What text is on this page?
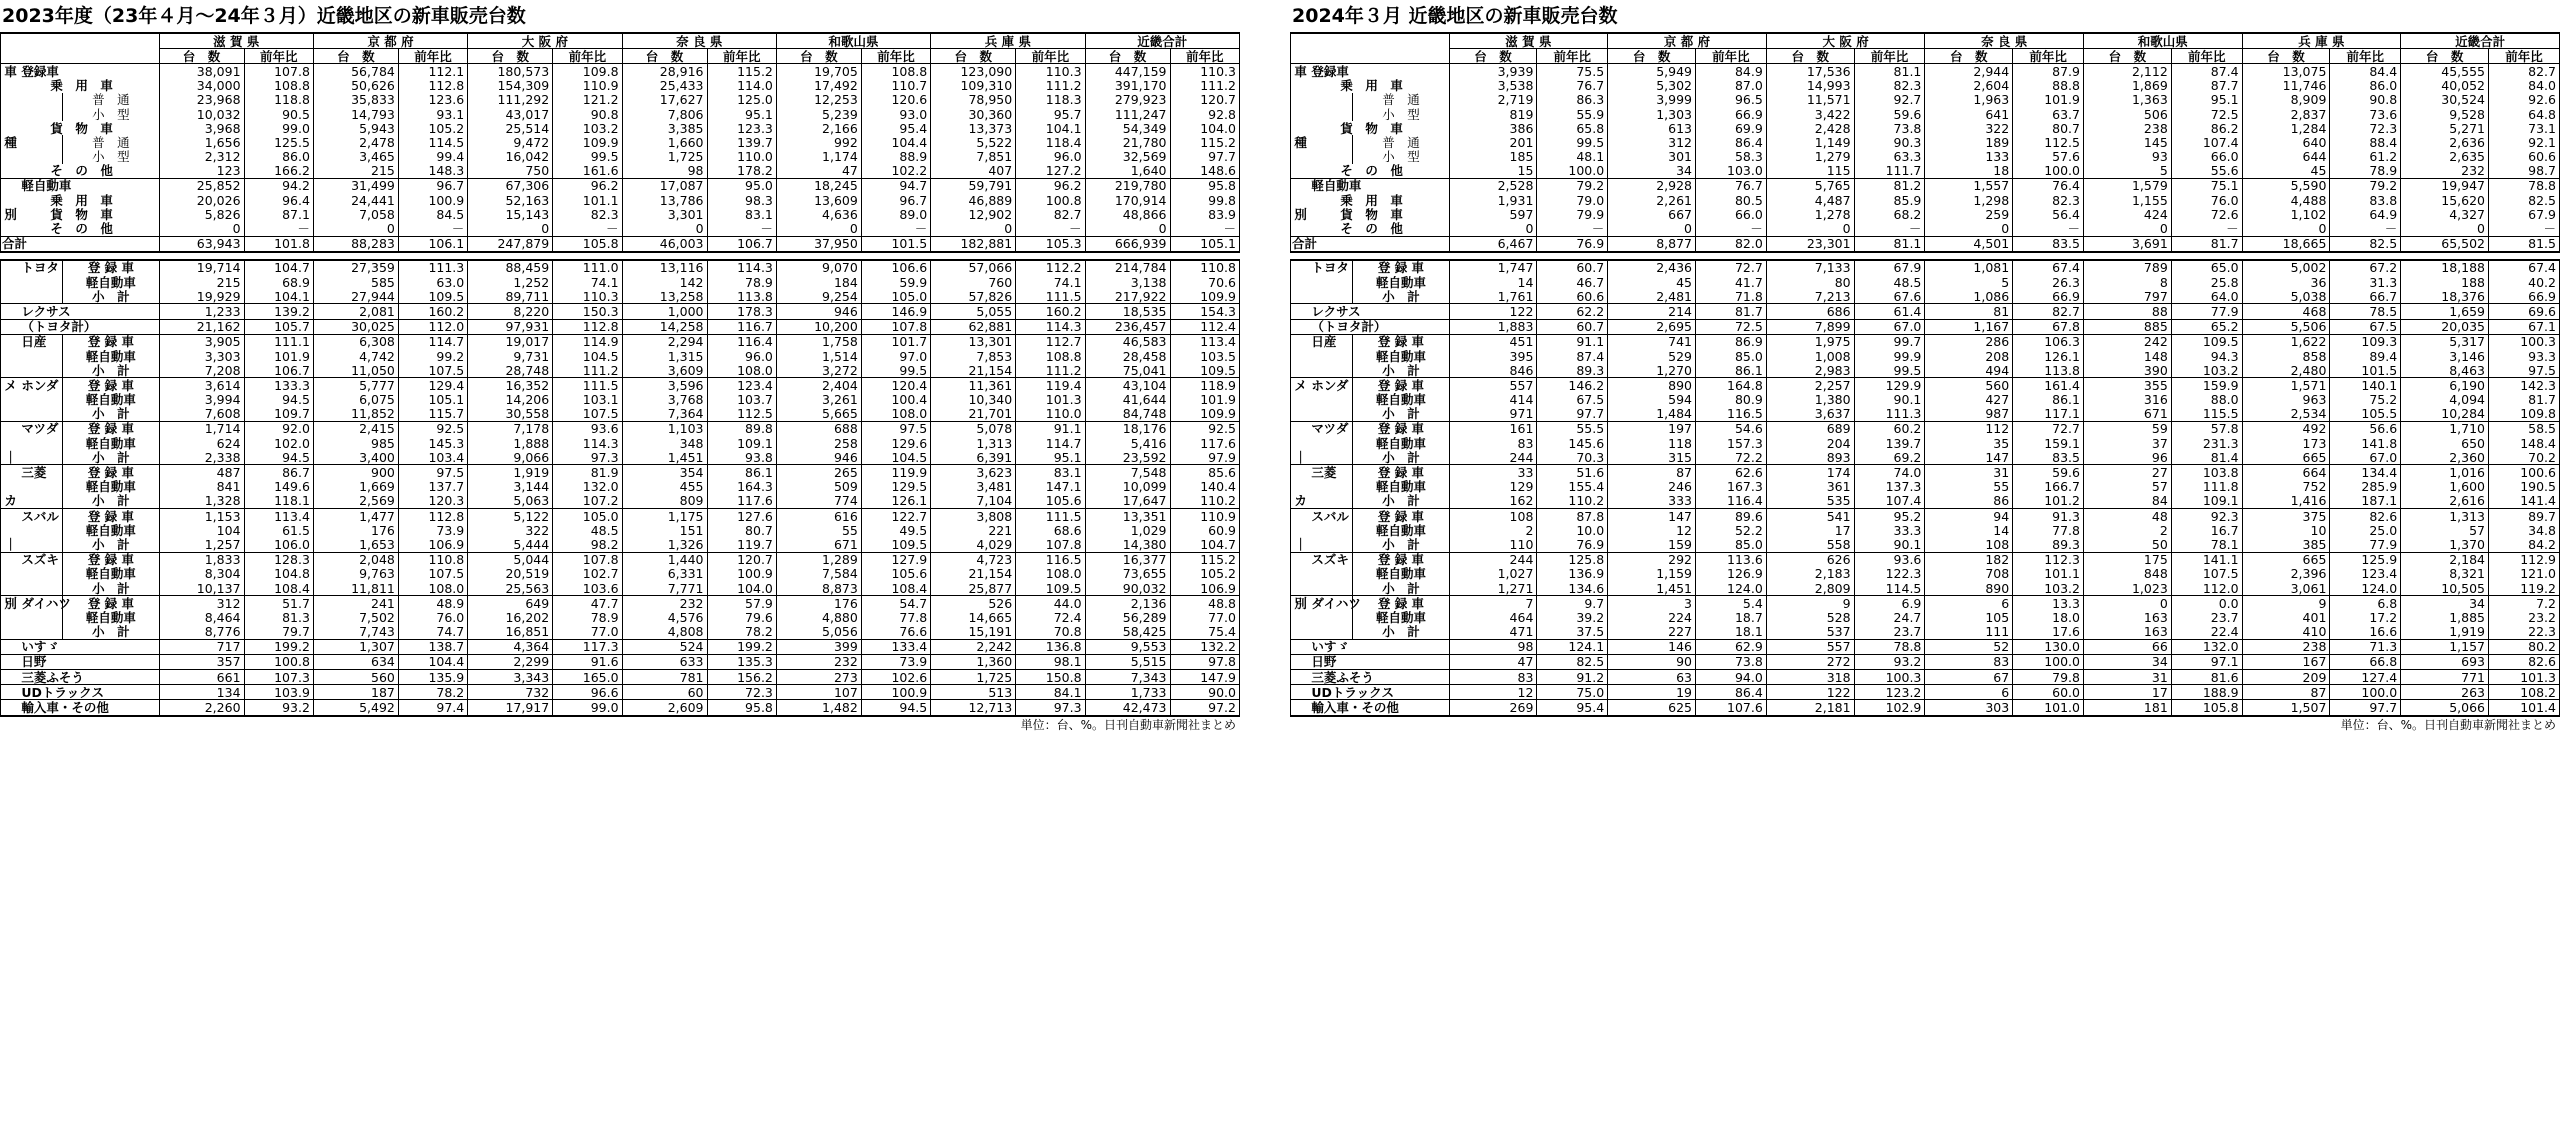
2023年度（23年４月～24年３月）近畿地区の新車販売台数
			滋 賀 県		京 都 府		大 阪 府		奈 良 県		和歌山県		兵 庫 県		近畿合計	
			台　数	前年比	台　数	前年比	台　数	前年比	台　数	前年比	台　数	前年比	台　数	前年比	台　数	前年比
車	登録車		38,091	107.8	56,784	112.1	180,573	109.8	28,916	115.2	19,705	108.8	123,090	110.3	447,159	110.3
	乗　用　車		34,000	108.8	50,626	112.8	154,309	110.9	25,433	114.0	17,492	110.7	109,310	111.2	391,170	111.2
		普　通	23,968	118.8	35,833	123.6	111,292	121.2	17,627	125.0	12,253	120.6	78,950	118.3	279,923	120.7
		小　型	10,032	90.5	14,793	93.1	43,017	90.8	7,806	95.1	5,239	93.0	30,360	95.7	111,247	92.8
	貨　物　車		3,968	99.0	5,943	105.2	25,514	103.2	3,385	123.3	2,166	95.4	13,373	104.1	54,349	104.0
種		普　通	1,656	125.5	2,478	114.5	9,472	109.9	1,660	139.7	992	104.4	5,522	118.4	21,780	115.2
		小　型	2,312	86.0	3,465	99.4	16,042	99.5	1,725	110.0	1,174	88.9	7,851	96.0	32,569	97.7
	そ　の　他		123	166.2	215	148.3	750	161.6	98	178.2	47	102.2	407	127.2	1,640	148.6
	軽自動車		25,852	94.2	31,499	96.7	67,306	96.2	17,087	95.0	18,245	94.7	59,791	96.2	219,780	95.8
	乗　用　車		20,026	96.4	24,441	100.9	52,163	101.1	13,786	98.3	13,609	96.7	46,889	100.8	170,914	99.8
別	貨　物　車		5,826	87.1	7,058	84.5	15,143	82.3	3,301	83.1	4,636	89.0	12,902	82.7	48,866	83.9
	そ　の　他		0	－	0	－	0	－	0	－	0	－	0	－	0	－
合計			63,943	101.8	88,283	106.1	247,879	105.8	46,003	106.7	37,950	101.5	182,881	105.3	666,939	105.1

	トヨタ	登 録 車	19,714	104.7	27,359	111.3	88,459	111.0	13,116	114.3	9,070	106.6	57,066	112.2	214,784	110.8
		軽自動車	215	68.9	585	63.0	1,252	74.1	142	78.9	184	59.9	760	74.1	3,138	70.6
		小　計	19,929	104.1	27,944	109.5	89,711	110.3	13,258	113.8	9,254	105.0	57,826	111.5	217,922	109.9
	レクサス		1,233	139.2	2,081	160.2	8,220	150.3	1,000	178.3	946	146.9	5,055	160.2	18,535	154.3
	（トヨタ計）		21,162	105.7	30,025	112.0	97,931	112.8	14,258	116.7	10,200	107.8	62,881	114.3	236,457	112.4
	日産	登 録 車	3,905	111.1	6,308	114.7	19,017	114.9	2,294	116.4	1,758	101.7	13,301	112.7	46,583	113.4
		軽自動車	3,303	101.9	4,742	99.2	9,731	104.5	1,315	96.0	1,514	97.0	7,853	108.8	28,458	103.5
		小　計	7,208	106.7	11,050	107.5	28,748	111.2	3,609	108.0	3,272	99.5	21,154	111.2	75,041	109.5
メ	ホンダ	登 録 車	3,614	133.3	5,777	129.4	16,352	111.5	3,596	123.4	2,404	120.4	11,361	119.4	43,104	118.9
		軽自動車	3,994	94.5	6,075	105.1	14,206	103.1	3,768	103.7	3,261	100.4	10,340	101.3	41,644	101.9
		小　計	7,608	109.7	11,852	115.7	30,558	107.5	7,364	112.5	5,665	108.0	21,701	110.0	84,748	109.9
	マツダ	登 録 車	1,714	92.0	2,415	92.5	7,178	93.6	1,103	89.8	688	97.5	5,078	91.1	18,176	92.5
		軽自動車	624	102.0	985	145.3	1,888	114.3	348	109.1	258	129.6	1,313	114.7	5,416	117.6
｜		小　計	2,338	94.5	3,400	103.4	9,066	97.3	1,451	93.8	946	104.5	6,391	95.1	23,592	97.9
	三菱	登 録 車	487	86.7	900	97.5	1,919	81.9	354	86.1	265	119.9	3,623	83.1	7,548	85.6
		軽自動車	841	149.6	1,669	137.7	3,144	132.0	455	164.3	509	129.5	3,481	147.1	10,099	140.4
カ		小　計	1,328	118.1	2,569	120.3	5,063	107.2	809	117.6	774	126.1	7,104	105.6	17,647	110.2
	スバル	登 録 車	1,153	113.4	1,477	112.8	5,122	105.0	1,175	127.6	616	122.7	3,808	111.5	13,351	110.9
		軽自動車	104	61.5	176	73.9	322	48.5	151	80.7	55	49.5	221	68.6	1,029	60.9
｜		小　計	1,257	106.0	1,653	106.9	5,444	98.2	1,326	119.7	671	109.5	4,029	107.8	14,380	104.7
	スズキ	登 録 車	1,833	128.3	2,048	110.8	5,044	107.8	1,440	120.7	1,289	127.9	4,723	116.5	16,377	115.2
		軽自動車	8,304	104.8	9,763	107.5	20,519	102.7	6,331	100.9	7,584	105.6	21,154	108.0	73,655	105.2
		小　計	10,137	108.4	11,811	108.0	25,563	103.6	7,771	104.0	8,873	108.4	25,877	109.5	90,032	106.9
別	ダイハツ	登 録 車	312	51.7	241	48.9	649	47.7	232	57.9	176	54.7	526	44.0	2,136	48.8
		軽自動車	8,464	81.3	7,502	76.0	16,202	78.9	4,576	79.6	4,880	77.8	14,665	72.4	56,289	77.0
		小　計	8,776	79.7	7,743	74.7	16,851	77.0	4,808	78.2	5,056	76.6	15,191	70.8	58,425	75.4
	いすゞ		717	199.2	1,307	138.7	4,364	117.3	524	199.2	399	133.4	2,242	136.8	9,553	132.2
	日野		357	100.8	634	104.4	2,299	91.6	633	135.3	232	73.9	1,360	98.1	5,515	97.8
	三菱ふそう		661	107.3	560	135.9	3,343	165.0	781	156.2	273	102.6	1,725	150.8	7,343	147.9
	UDトラックス		134	103.9	187	78.2	732	96.6	60	72.3	107	100.9	513	84.1	1,733	90.0
	輸入車・その他		2,260	93.2	5,492	97.4	17,917	99.0	2,609	95.8	1,482	94.5	12,713	97.3	42,473	97.2
単位：台、%。日刊自動車新聞社まとめ
2024年３月 近畿地区の新車販売台数
			滋 賀 県		京 都 府		大 阪 府		奈 良 県		和歌山県		兵 庫 県		近畿合計	
			台　数	前年比	台　数	前年比	台　数	前年比	台　数	前年比	台　数	前年比	台　数	前年比	台　数	前年比
車	登録車		3,939	75.5	5,949	84.9	17,536	81.1	2,944	87.9	2,112	87.4	13,075	84.4	45,555	82.7
	乗　用　車		3,538	76.7	5,302	87.0	14,993	82.3	2,604	88.8	1,869	87.7	11,746	86.0	40,052	84.0
		普　通	2,719	86.3	3,999	96.5	11,571	92.7	1,963	101.9	1,363	95.1	8,909	90.8	30,524	92.6
		小　型	819	55.9	1,303	66.9	3,422	59.6	641	63.7	506	72.5	2,837	73.6	9,528	64.8
	貨　物　車		386	65.8	613	69.9	2,428	73.8	322	80.7	238	86.2	1,284	72.3	5,271	73.1
種		普　通	201	99.5	312	86.4	1,149	90.3	189	112.5	145	107.4	640	88.4	2,636	92.1
		小　型	185	48.1	301	58.3	1,279	63.3	133	57.6	93	66.0	644	61.2	2,635	60.6
	そ　の　他		15	100.0	34	103.0	115	111.7	18	100.0	5	55.6	45	78.9	232	98.7
	軽自動車		2,528	79.2	2,928	76.7	5,765	81.2	1,557	76.4	1,579	75.1	5,590	79.2	19,947	78.8
	乗　用　車		1,931	79.0	2,261	80.5	4,487	85.9	1,298	82.3	1,155	76.0	4,488	83.8	15,620	82.5
別	貨　物　車		597	79.9	667	66.0	1,278	68.2	259	56.4	424	72.6	1,102	64.9	4,327	67.9
	そ　の　他		0	－	0	－	0	－	0	－	0	－	0	－	0	－
合計			6,467	76.9	8,877	82.0	23,301	81.1	4,501	83.5	3,691	81.7	18,665	82.5	65,502	81.5

	トヨタ	登 録 車	1,747	60.7	2,436	72.7	7,133	67.9	1,081	67.4	789	65.0	5,002	67.2	18,188	67.4
		軽自動車	14	46.7	45	41.7	80	48.5	5	26.3	8	25.8	36	31.3	188	40.2
		小　計	1,761	60.6	2,481	71.8	7,213	67.6	1,086	66.9	797	64.0	5,038	66.7	18,376	66.9
	レクサス		122	62.2	214	81.7	686	61.4	81	82.7	88	77.9	468	78.5	1,659	69.6
	（トヨタ計）		1,883	60.7	2,695	72.5	7,899	67.0	1,167	67.8	885	65.2	5,506	67.5	20,035	67.1
	日産	登 録 車	451	91.1	741	86.9	1,975	99.7	286	106.3	242	109.5	1,622	109.3	5,317	100.3
		軽自動車	395	87.4	529	85.0	1,008	99.9	208	126.1	148	94.3	858	89.4	3,146	93.3
		小　計	846	89.3	1,270	86.1	2,983	99.5	494	113.8	390	103.2	2,480	101.5	8,463	97.5
メ	ホンダ	登 録 車	557	146.2	890	164.8	2,257	129.9	560	161.4	355	159.9	1,571	140.1	6,190	142.3
		軽自動車	414	67.5	594	80.9	1,380	90.1	427	86.1	316	88.0	963	75.2	4,094	81.7
		小　計	971	97.7	1,484	116.5	3,637	111.3	987	117.1	671	115.5	2,534	105.5	10,284	109.8
	マツダ	登 録 車	161	55.5	197	54.6	689	60.2	112	72.7	59	57.8	492	56.6	1,710	58.5
		軽自動車	83	145.6	118	157.3	204	139.7	35	159.1	37	231.3	173	141.8	650	148.4
｜		小　計	244	70.3	315	72.2	893	69.2	147	83.5	96	81.4	665	67.0	2,360	70.2
	三菱	登 録 車	33	51.6	87	62.6	174	74.0	31	59.6	27	103.8	664	134.4	1,016	100.6
		軽自動車	129	155.4	246	167.3	361	137.3	55	166.7	57	111.8	752	285.9	1,600	190.5
カ		小　計	162	110.2	333	116.4	535	107.4	86	101.2	84	109.1	1,416	187.1	2,616	141.4
	スバル	登 録 車	108	87.8	147	89.6	541	95.2	94	91.3	48	92.3	375	82.6	1,313	89.7
		軽自動車	2	10.0	12	52.2	17	33.3	14	77.8	2	16.7	10	25.0	57	34.8
｜		小　計	110	76.9	159	85.0	558	90.1	108	89.3	50	78.1	385	77.9	1,370	84.2
	スズキ	登 録 車	244	125.8	292	113.6	626	93.6	182	112.3	175	141.1	665	125.9	2,184	112.9
		軽自動車	1,027	136.9	1,159	126.9	2,183	122.3	708	101.1	848	107.5	2,396	123.4	8,321	121.0
		小　計	1,271	134.6	1,451	124.0	2,809	114.5	890	103.2	1,023	112.0	3,061	124.0	10,505	119.2
別	ダイハツ	登 録 車	7	9.7	3	5.4	9	6.9	6	13.3	0	0.0	9	6.8	34	7.2
		軽自動車	464	39.2	224	18.7	528	24.7	105	18.0	163	23.7	401	17.2	1,885	23.2
		小　計	471	37.5	227	18.1	537	23.7	111	17.6	163	22.4	410	16.6	1,919	22.3
	いすゞ		98	124.1	146	62.9	557	78.8	52	130.0	66	132.0	238	71.3	1,157	80.2
	日野		47	82.5	90	73.8	272	93.2	83	100.0	34	97.1	167	66.8	693	82.6
	三菱ふそう		83	91.2	63	94.0	318	100.3	67	79.8	31	81.6	209	127.4	771	101.3
	UDトラックス		12	75.0	19	86.4	122	123.2	6	60.0	17	188.9	87	100.0	263	108.2
	輸入車・その他		269	95.4	625	107.6	2,181	102.9	303	101.0	181	105.8	1,507	97.7	5,066	101.4
単位：台、%。日刊自動車新聞社まとめ
